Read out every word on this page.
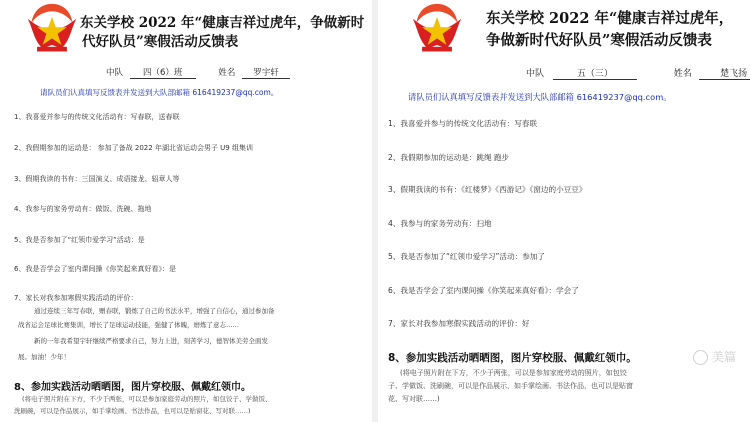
东关学校 2022 年“健康吉祥过虎年，争做新时
代好队员”寒假活动反馈表
中队 四（6）班	姓名 罗宇轩
请队员们认真填写反馈表并发送到大队部邮箱 616419237@qq.com。
1、我喜爱并参与的传统文化活动有：写春联，送春联
2、我假期参加的运动是： 参加了备战 2022 年湖北省运动会男子 U9 组集训
3、假期我读的书有：三国演义、成语接龙、轺章人等
4、我参与的家务劳动有：做饭、洗碗、拖地
5、我是否参加了“红领巾爱学习”活动：是
6、我是否学会了室内课间操《你笑起来真好看》：是
7、家长对我参加寒假实践活动的评价：
通过连续三年写春联，赠春联，锻炼了自己的书法水平，增强了自信心，通过参加备
战省运会足球比赛集训，增长了足球运动技能，强健了体魄，磨炼了意志……
新的一年我希望宇轩继续严格要求自己，努力上进，刻苦学习，德智体美劳全面发
展。加油！少年！
8、参加实践活动晒晒图，图片穿校服、佩戴红领巾。
(将电子照片附在下方，不少于两张，可以是参加家庭劳动的照片，如包饺子、学做饭、
洗刷碗，可以是作品展示，如手掌绘画、书法作品，也可以是贴窗花、写对联……)
东关学校 2022 年“健康吉祥过虎年，
争做新时代好队员”寒假活动反馈表
中队	五（三）	姓名	楚飞扬
请队员们认真填写反馈表并发送到大队部邮箱 616419237@qq.com。
1、我喜爱并参与的传统文化活动有：写春联
2、我假期参加的运动是：跳绳 跑步
3、假期我读的书有：《红楼梦》《西游记》《窗边的小豆豆》
4、我参与的家务劳动有：扫地
5、我是否参加了“红领巾爱学习”活动：参加了
6、我是否学会了室内课间操《你笑起来真好看》：学会了
7、家长对我参加寒假实践活动的评价：好
8、参加实践活动晒晒图，图片穿校服、佩戴红领巾。
(将电子照片附在下方，不少于两张，可以是参加家庭劳动的照片，如包饺
子、学做饭、洗刷碗，可以是作品展示，如手掌绘画、书法作品，也可以是贴窗
花、写对联……)
美篇
